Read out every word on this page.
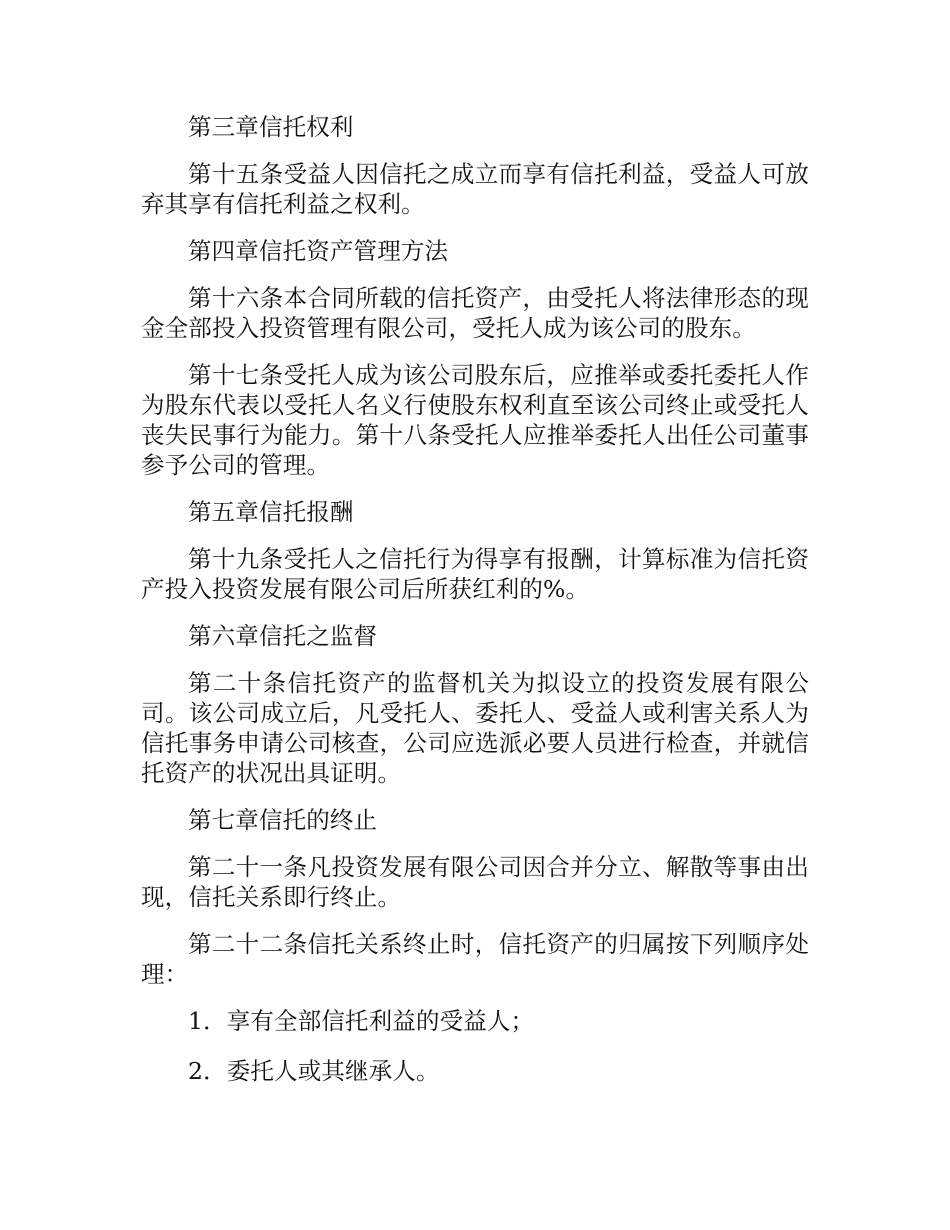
第三章信托权利

第十五条受益人因信托之成立而享有信托利益，受益人可放弃其享有信托利益之权利。

第四章信托资产管理方法

第十六条本合同所载的信托资产，由受托人将法律形态的现金全部投入投资管理有限公司，受托人成为该公司的股东。

第十七条受托人成为该公司股东后，应推举或委托委托人作为股东代表以受托人名义行使股东权利直至该公司终止或受托人丧失民事行为能力。第十八条受托人应推举委托人出任公司董事参予公司的管理。

第五章信托报酬

第十九条受托人之信托行为得享有报酬，计算标准为信托资产投入投资发展有限公司后所获红利的%。

第六章信托之监督

第二十条信托资产的监督机关为拟设立的投资发展有限公司。该公司成立后，凡受托人、委托人、受益人或利害关系人为信托事务申请公司核查，公司应选派必要人员进行检查，并就信托资产的状况出具证明。

第七章信托的终止

第二十一条凡投资发展有限公司因合并分立、解散等事由出现，信托关系即行终止。

第二十二条信托关系终止时，信托资产的归属按下列顺序处理：

1．享有全部信托利益的受益人；

2．委托人或其继承人。
